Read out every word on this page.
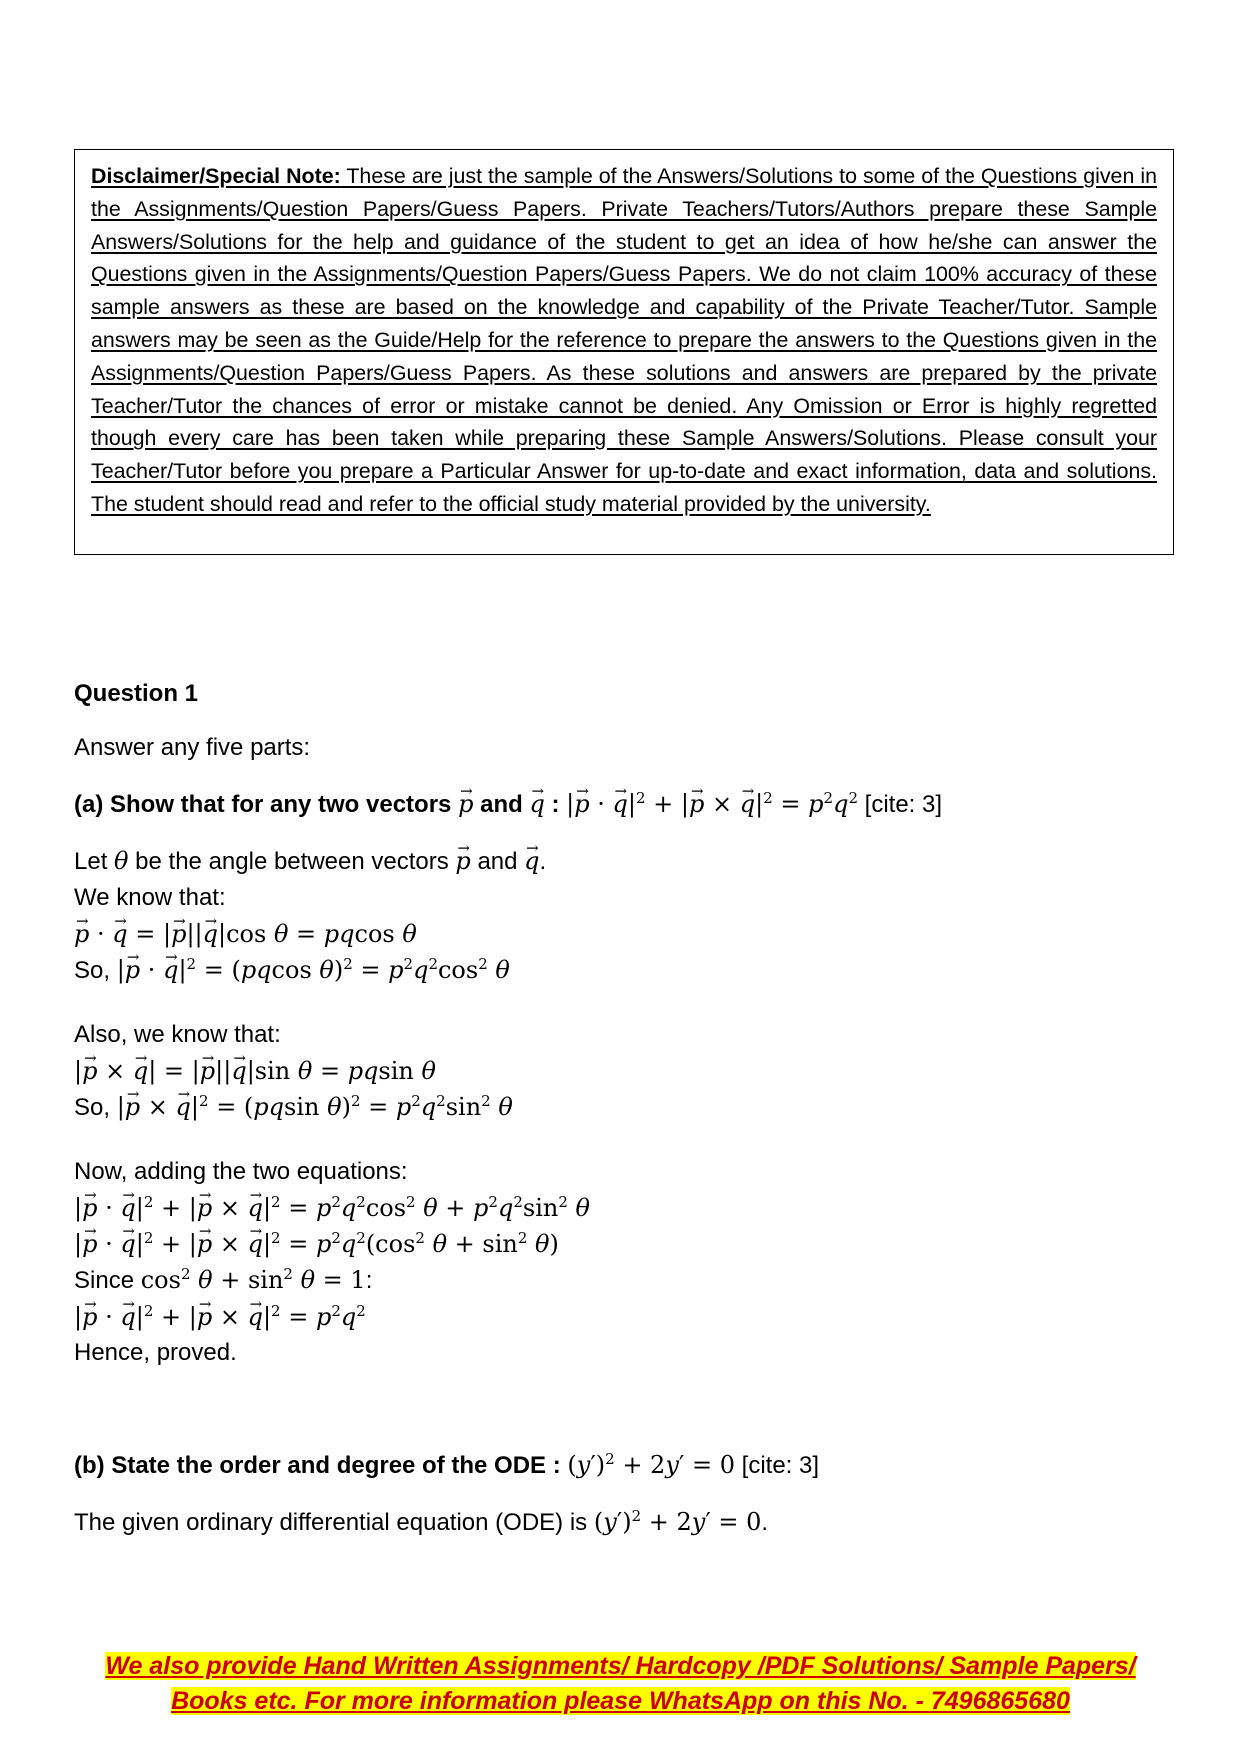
Disclaimer/Special Note: These are just the sample of the Answers/Solutions to some of the Questions given in the Assignments/Question Papers/Guess Papers. Private Teachers/Tutors/Authors prepare these Sample Answers/Solutions for the help and guidance of the student to get an idea of how he/she can answer the Questions given in the Assignments/Question Papers/Guess Papers. We do not claim 100% accuracy of these sample answers as these are based on the knowledge and capability of the Private Teacher/Tutor. Sample answers may be seen as the Guide/Help for the reference to prepare the answers to the Questions given in the Assignments/Question Papers/Guess Papers. As these solutions and answers are prepared by the private Teacher/Tutor the chances of error or mistake cannot be denied. Any Omission or Error is highly regretted though every care has been taken while preparing these Sample Answers/Solutions. Please consult your Teacher/Tutor before you prepare a Particular Answer for up-to-date and exact information, data and solutions. The student should read and refer to the official study material provided by the university.

Question 1

Answer any five parts:

(a) Show that for any two vectors p → and q → : |p → · $q \to|^2 + |p$ → × $q \to|^2 = p^2q^2$ [cite: 3]

Let θ be the angle between vectors p → and q →.

We know that:

p → · q → = |p →||q →|cos θ = pqcos θ

So, |p → · $q \to|^2 = (pqcos$ $\theta)^2 = p^2q^2\cos^2$ θ

Also, we know that:

|p → × q →| = |p →||q →|sin θ = pqsin θ

So, |p → × $q \to|^2 = (pqsin$ $\theta)^2 = p^2q^2\sin^2$ θ

Now, adding the two equations:

|p → · $q \to|^2 + |p$ → × $q \to|^2 = p^2q^2\cos^2$ $\theta + p^2q^2\sin^2$ θ

|p → · $q \to|^2 + |p$ → × $q \to|^2 = p^2q^2(\cos^2$ $\theta + \sin^2 \theta$)

Since $\cos^2 \theta + \sin^2 \theta = 1$:

|p → · $q \to|^2 + |p$ → × $q \to|^2 = p^2q^2$

Hence, proved.

(b) State the order and degree of the ODE : $(y')^2 + 2y' = 0$ [cite: 3]

The given ordinary differential equation (ODE) is $(y')^2 + 2y' = 0$.

We also provide Hand Written Assignments/ Hardcopy /PDF Solutions/ Sample Papers/
Books etc. For more information please WhatsApp on this No. - 7496865680
